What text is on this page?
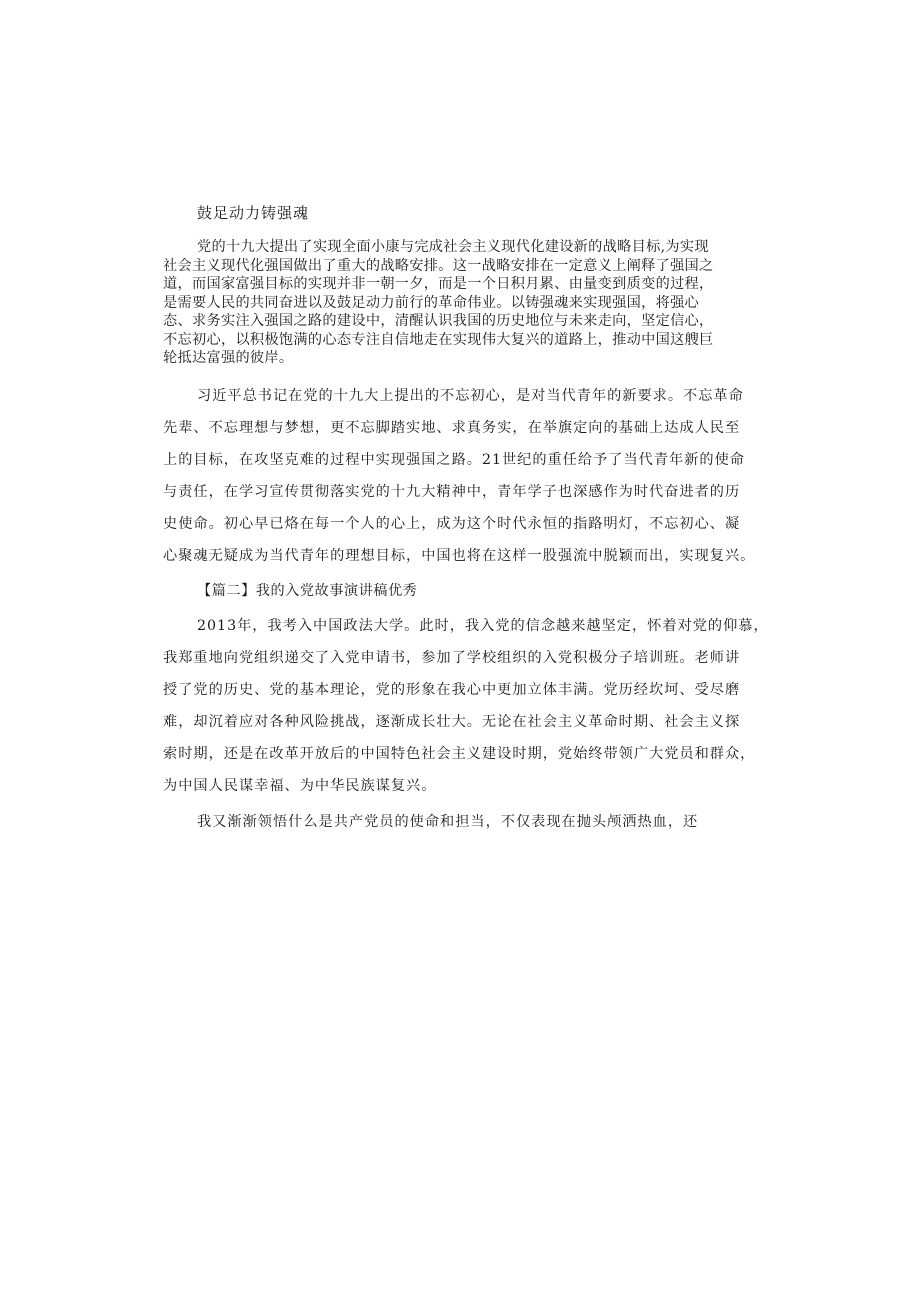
鼓足动力铸强魂
党的十九大提出了实现全面小康与完成社会主义现代化建设新的战略目标,为实现
社会主义现代化强国做出了重大的战略安排。这一战略安排在一定意义上阐释了强国之
道，而国家富强目标的实现并非一朝一夕，而是一个日积月累、由量变到质变的过程，
是需要人民的共同奋进以及鼓足动力前行的革命伟业。以铸强魂来实现强国，将强心
态、求务实注入强国之路的建设中，清醒认识我国的历史地位与未来走向，坚定信心，
不忘初心，以积极饱满的心态专注自信地走在实现伟大复兴的道路上，推动中国这艘巨
轮抵达富强的彼岸。
习近平总书记在党的十九大上提出的不忘初心，是对当代青年的新要求。不忘革命
先辈、不忘理想与梦想，更不忘脚踏实地、求真务实，在举旗定向的基础上达成人民至
上的目标，在攻坚克难的过程中实现强国之路。21世纪的重任给予了当代青年新的使命
与责任，在学习宣传贯彻落实党的十九大精神中，青年学子也深感作为时代奋进者的历
史使命。初心早已烙在每一个人的心上，成为这个时代永恒的指路明灯，不忘初心、凝
心聚魂无疑成为当代青年的理想目标，中国也将在这样一股强流中脱颖而出，实现复兴。
【篇二】我的入党故事演讲稿优秀
2013年，我考入中国政法大学。此时，我入党的信念越来越坚定，怀着对党的仰慕，
我郑重地向党组织递交了入党申请书，参加了学校组织的入党积极分子培训班。老师讲
授了党的历史、党的基本理论，党的形象在我心中更加立体丰满。党历经坎坷、受尽磨
难，却沉着应对各种风险挑战，逐渐成长壮大。无论在社会主义革命时期、社会主义探
索时期，还是在改革开放后的中国特色社会主义建设时期，党始终带领广大党员和群众，
为中国人民谋幸福、为中华民族谋复兴。
我又渐渐领悟什么是共产党员的使命和担当，不仅表现在抛头颅洒热血，还
